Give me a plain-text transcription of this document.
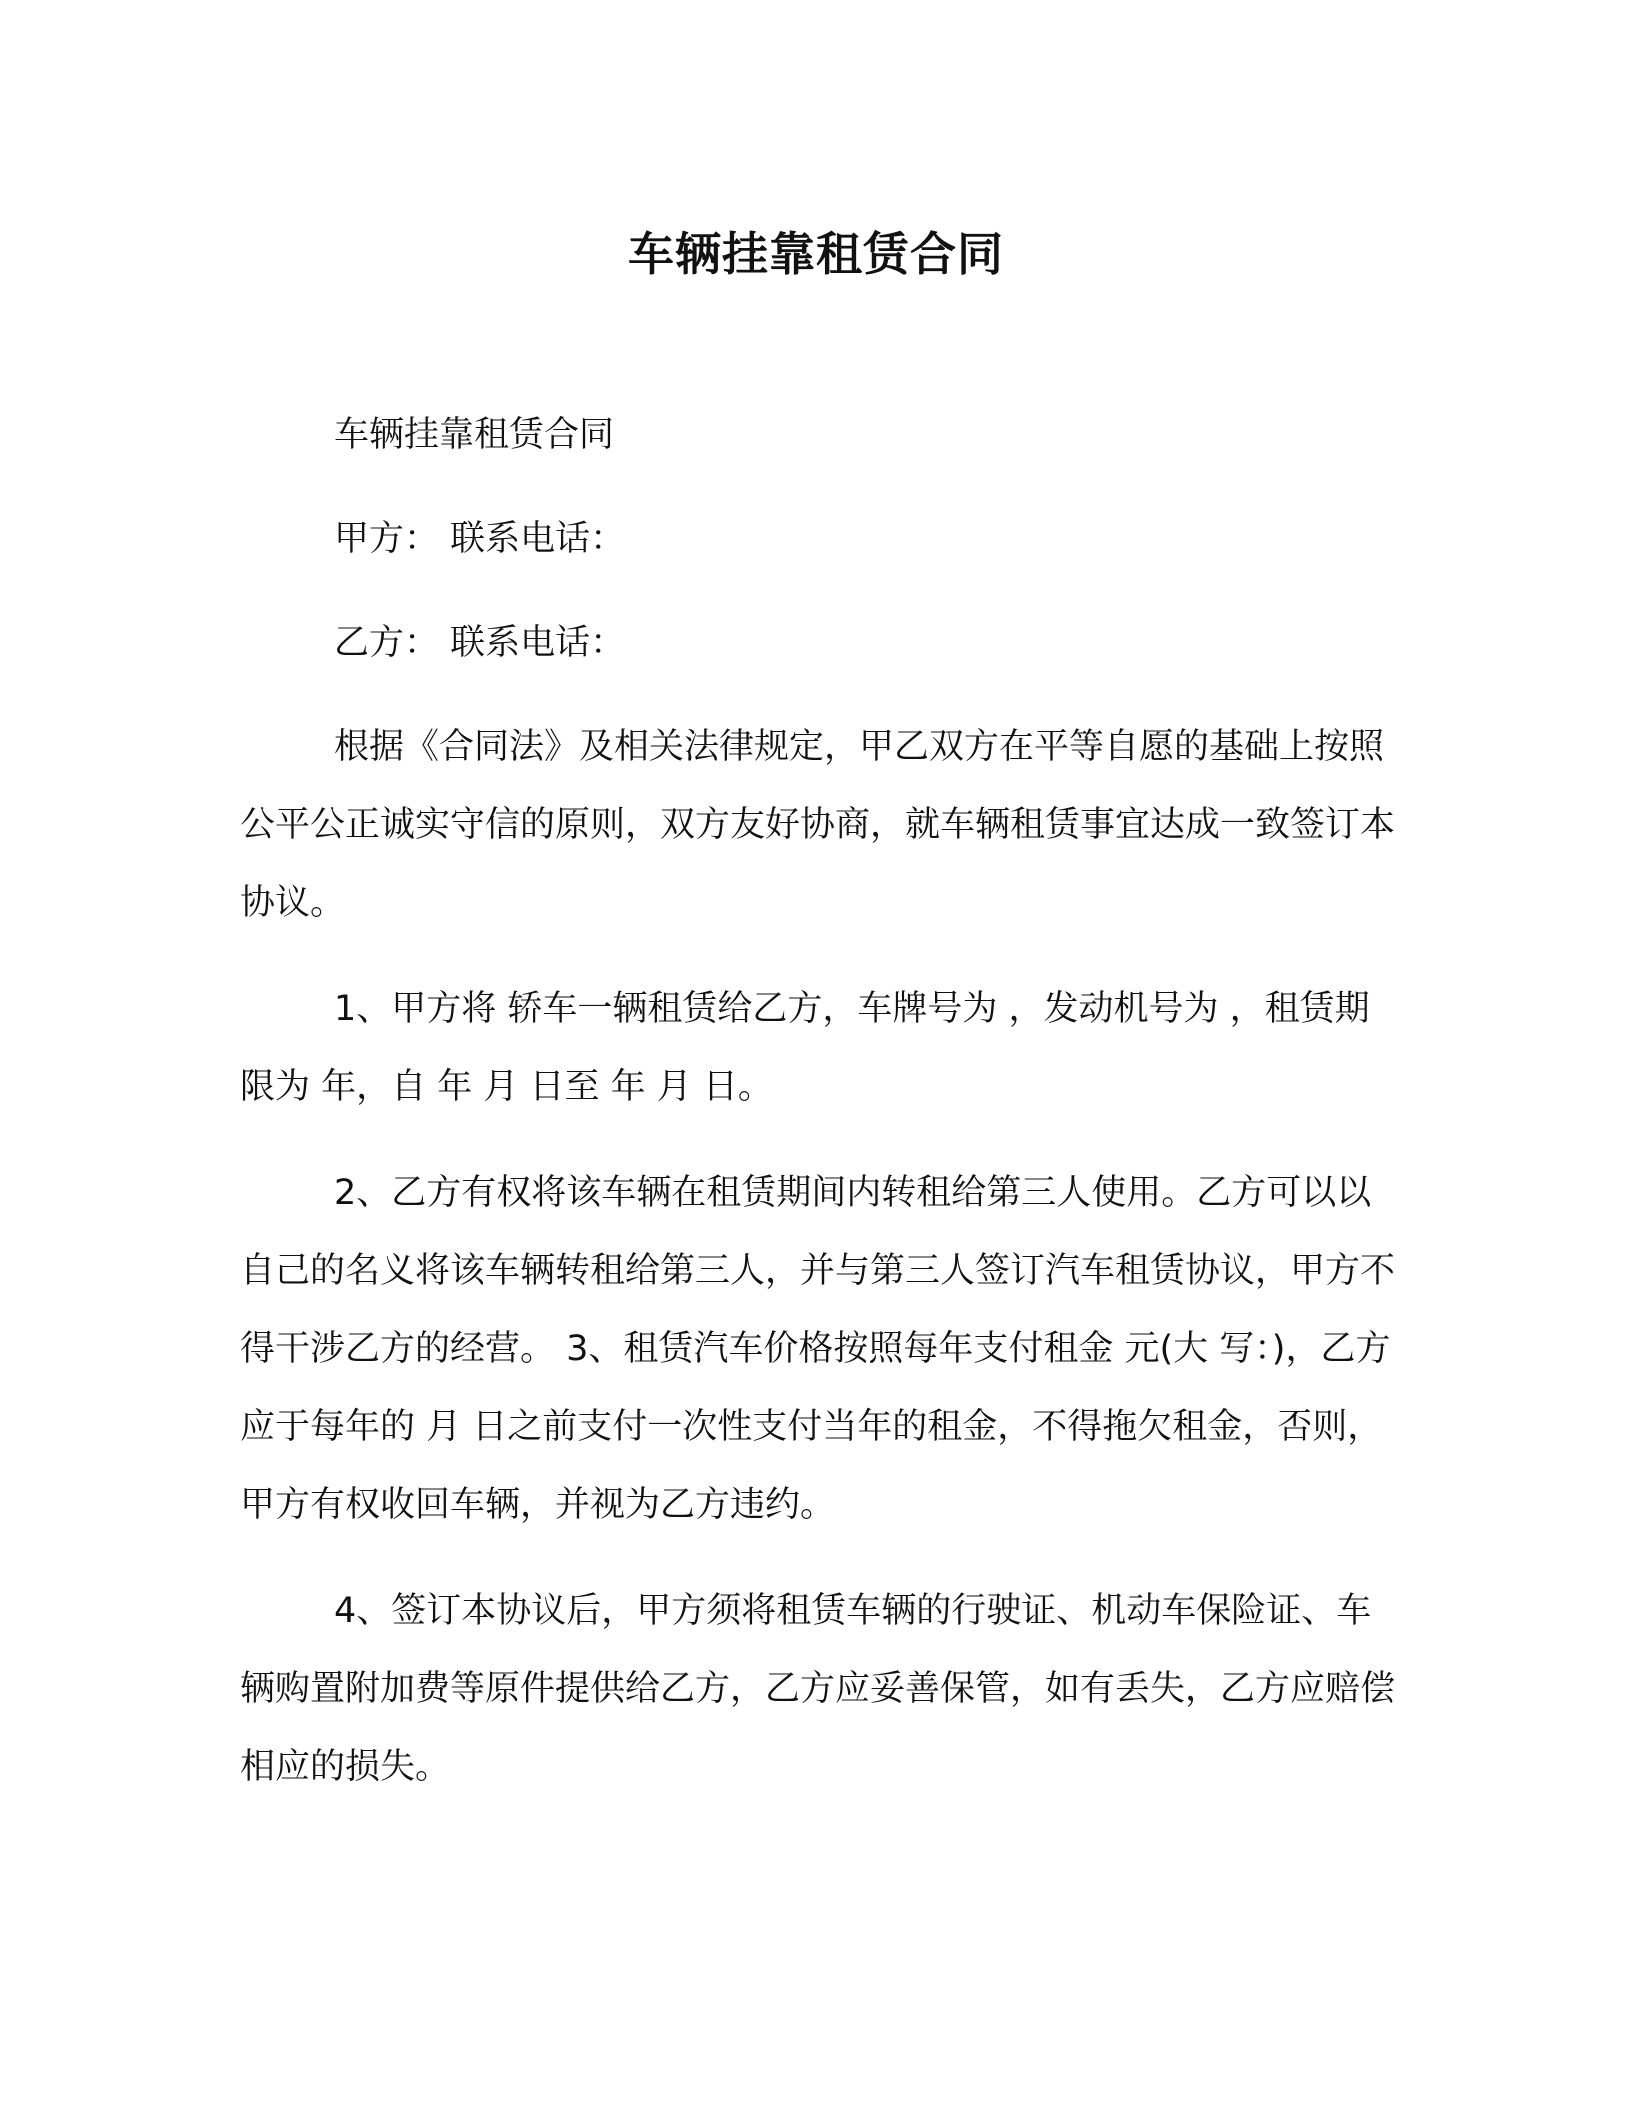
车辆挂靠租赁合同

车辆挂靠租赁合同

甲方： 联系电话：

乙方： 联系电话：

根据《合同法》及相关法律规定，甲乙双方在平等自愿的基础上按照公平公正诚实守信的原则，双方友好协商，就车辆租赁事宜达成一致签订本协议。

1、甲方将 轿车一辆租赁给乙方，车牌号为 ，发动机号为 ，租赁期限为 年，自 年 月 日至 年 月 日。

2、乙方有权将该车辆在租赁期间内转租给第三人使用。乙方可以以自己的名义将该车辆转租给第三人，并与第三人签订汽车租赁协议，甲方不得干涉乙方的经营。 3、租赁汽车价格按照每年支付租金 元(大 写：)，乙方应于每年的 月 日之前支付一次性支付当年的租金，不得拖欠租金，否则，甲方有权收回车辆，并视为乙方违约。

4、签订本协议后，甲方须将租赁车辆的行驶证、机动车保险证、车辆购置附加费等原件提供给乙方，乙方应妥善保管，如有丢失，乙方应赔偿相应的损失。
